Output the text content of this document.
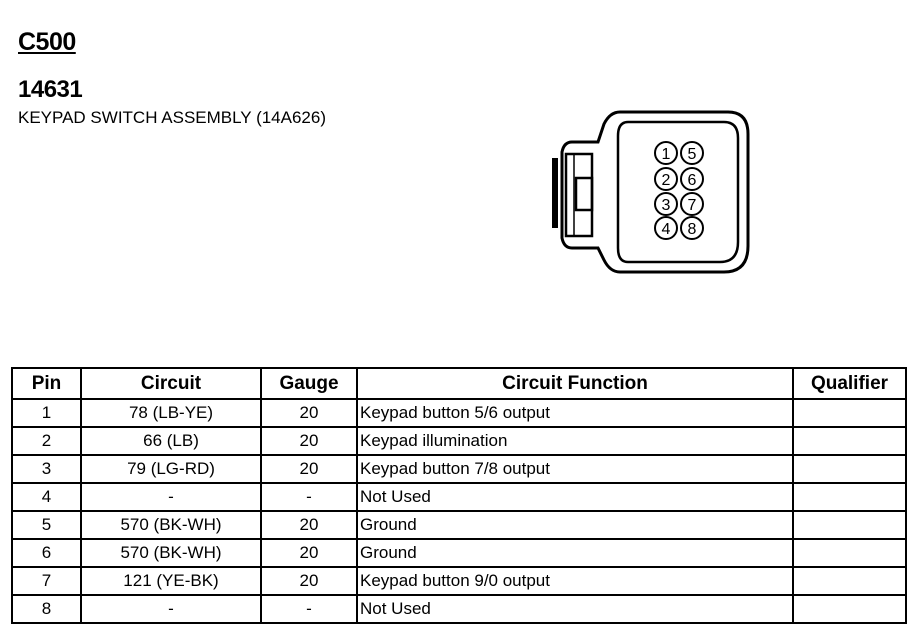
C500
14631
KEYPAD SWITCH ASSEMBLY (14A626)
1 5
2 6
3 7
4 8
Pin	Circuit	Gauge	Circuit Function	Qualifier
1	78 (LB-YE)	20	Keypad button 5/6 output	
2	66 (LB)	20	Keypad illumination	
3	79 (LG-RD)	20	Keypad button 7/8 output	
4	-	-	Not Used	
5	570 (BK-WH)	20	Ground	
6	570 (BK-WH)	20	Ground	
7	121 (YE-BK)	20	Keypad button 9/0 output	
8	-	-	Not Used	
